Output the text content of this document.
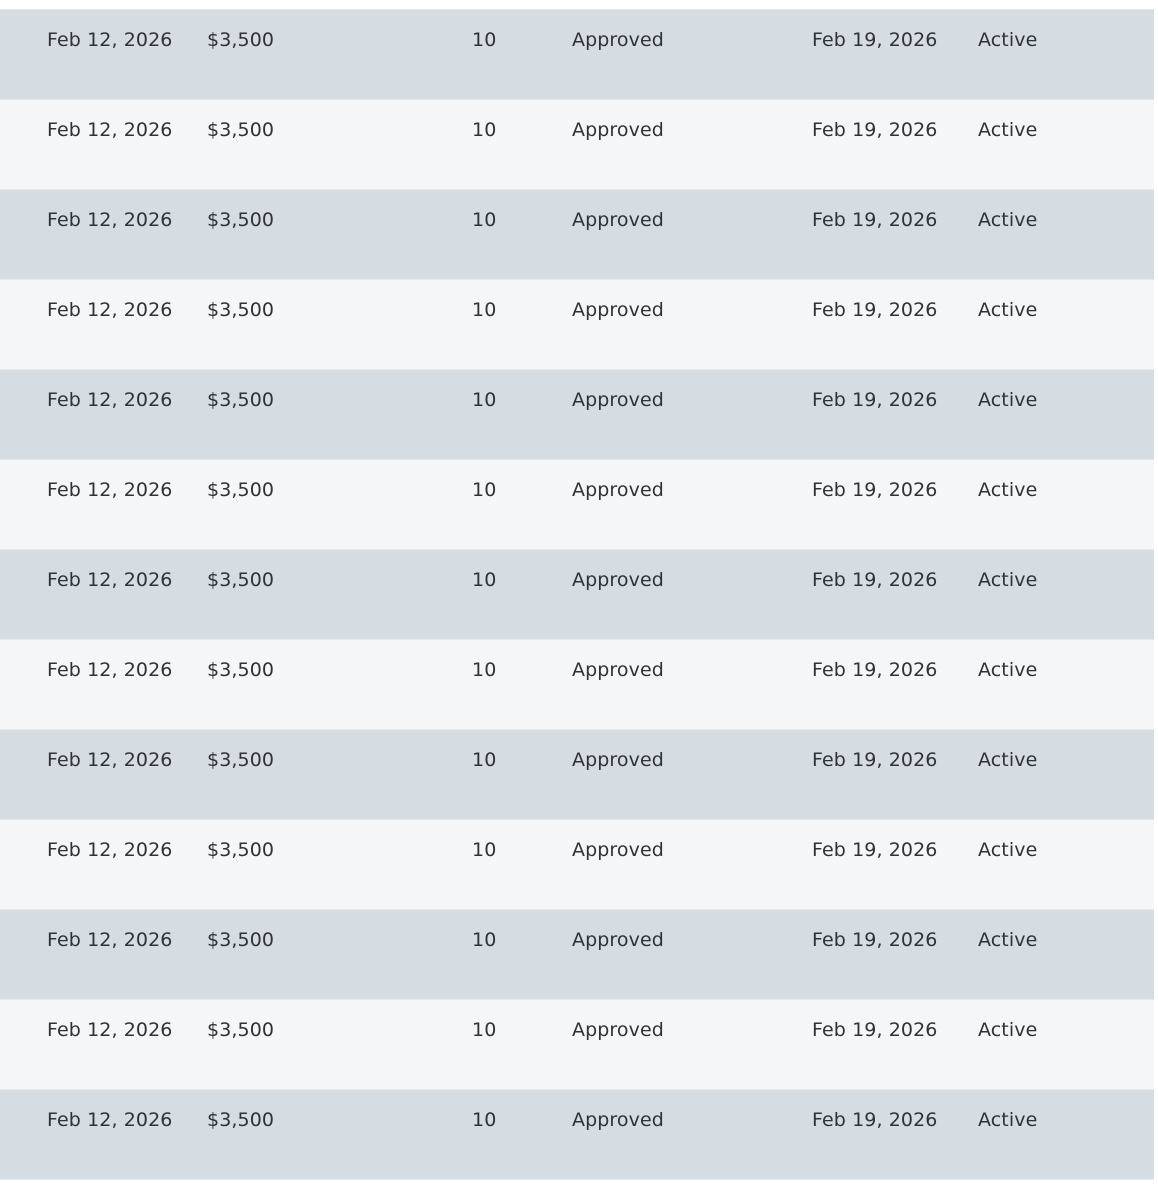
Feb 12, 2026 $3,500	10	Approved	Feb 19, 2026 Active
Feb 12, 2026 $3,500	10	Approved	Feb 19, 2026 Active
Feb 12, 2026 $3,500	10	Approved	Feb 19, 2026 Active
Feb 12, 2026 $3,500	10	Approved	Feb 19, 2026 Active
Feb 12, 2026 $3,500	10	Approved	Feb 19, 2026 Active
Feb 12, 2026 $3,500	10	Approved	Feb 19, 2026 Active
Feb 12, 2026 $3,500	10	Approved	Feb 19, 2026 Active
Feb 12, 2026 $3,500	10	Approved	Feb 19, 2026 Active
Feb 12, 2026 $3,500	10	Approved	Feb 19, 2026 Active
Feb 12, 2026 $3,500	10	Approved	Feb 19, 2026 Active
Feb 12, 2026 $3,500	10	Approved	Feb 19, 2026 Active
Feb 12, 2026 $3,500	10	Approved	Feb 19, 2026 Active
Feb 12, 2026 $3,500	10	Approved	Feb 19, 2026 Active
